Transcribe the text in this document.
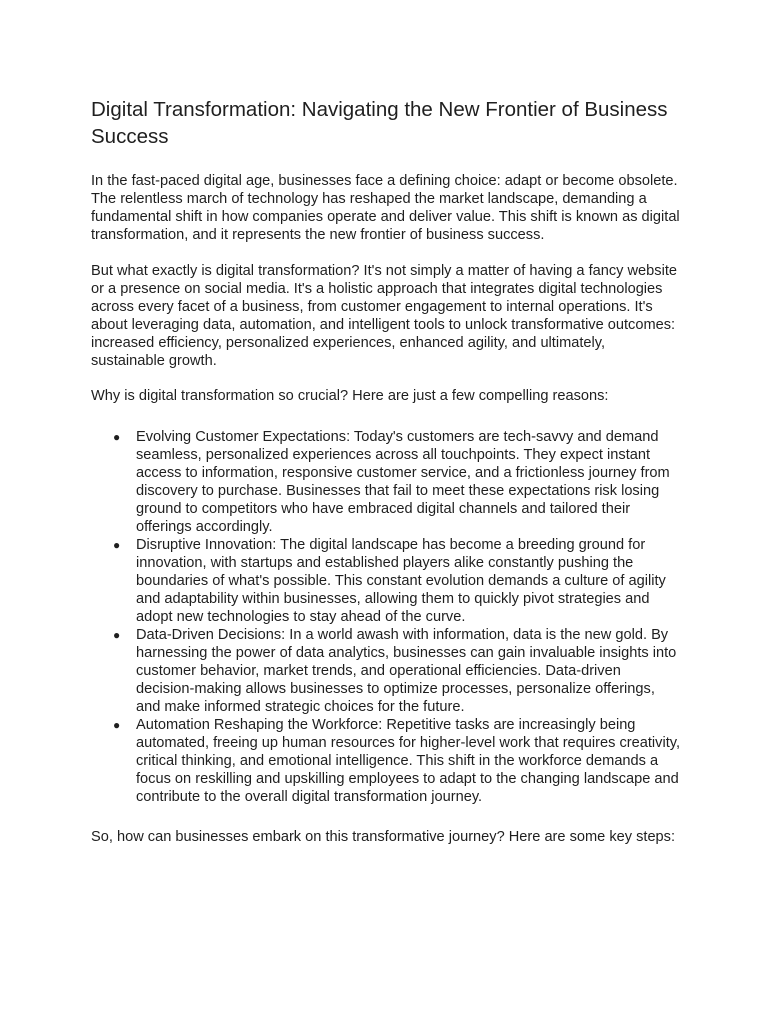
Digital Transformation: Navigating the New Frontier of Business Success

In the fast-paced digital age, businesses face a defining choice: adapt or become obsolete. The relentless march of technology has reshaped the market landscape, demanding a fundamental shift in how companies operate and deliver value. This shift is known as digital transformation, and it represents the new frontier of business success.

But what exactly is digital transformation? It's not simply a matter of having a fancy website or a presence on social media. It's a holistic approach that integrates digital technologies across every facet of a business, from customer engagement to internal operations. It's about leveraging data, automation, and intelligent tools to unlock transformative outcomes: increased efficiency, personalized experiences, enhanced agility, and ultimately, sustainable growth.

Why is digital transformation so crucial? Here are just a few compelling reasons:

● Evolving Customer Expectations: Today's customers are tech-savvy and demand seamless, personalized experiences across all touchpoints. They expect instant access to information, responsive customer service, and a frictionless journey from discovery to purchase. Businesses that fail to meet these expectations risk losing ground to competitors who have embraced digital channels and tailored their offerings accordingly.
● Disruptive Innovation: The digital landscape has become a breeding ground for innovation, with startups and established players alike constantly pushing the boundaries of what's possible. This constant evolution demands a culture of agility and adaptability within businesses, allowing them to quickly pivot strategies and adopt new technologies to stay ahead of the curve.
● Data-Driven Decisions: In a world awash with information, data is the new gold. By harnessing the power of data analytics, businesses can gain invaluable insights into customer behavior, market trends, and operational efficiencies. Data-driven decision-making allows businesses to optimize processes, personalize offerings, and make informed strategic choices for the future.
● Automation Reshaping the Workforce: Repetitive tasks are increasingly being automated, freeing up human resources for higher-level work that requires creativity, critical thinking, and emotional intelligence. This shift in the workforce demands a focus on reskilling and upskilling employees to adapt to the changing landscape and contribute to the overall digital transformation journey.

So, how can businesses embark on this transformative journey? Here are some key steps:
